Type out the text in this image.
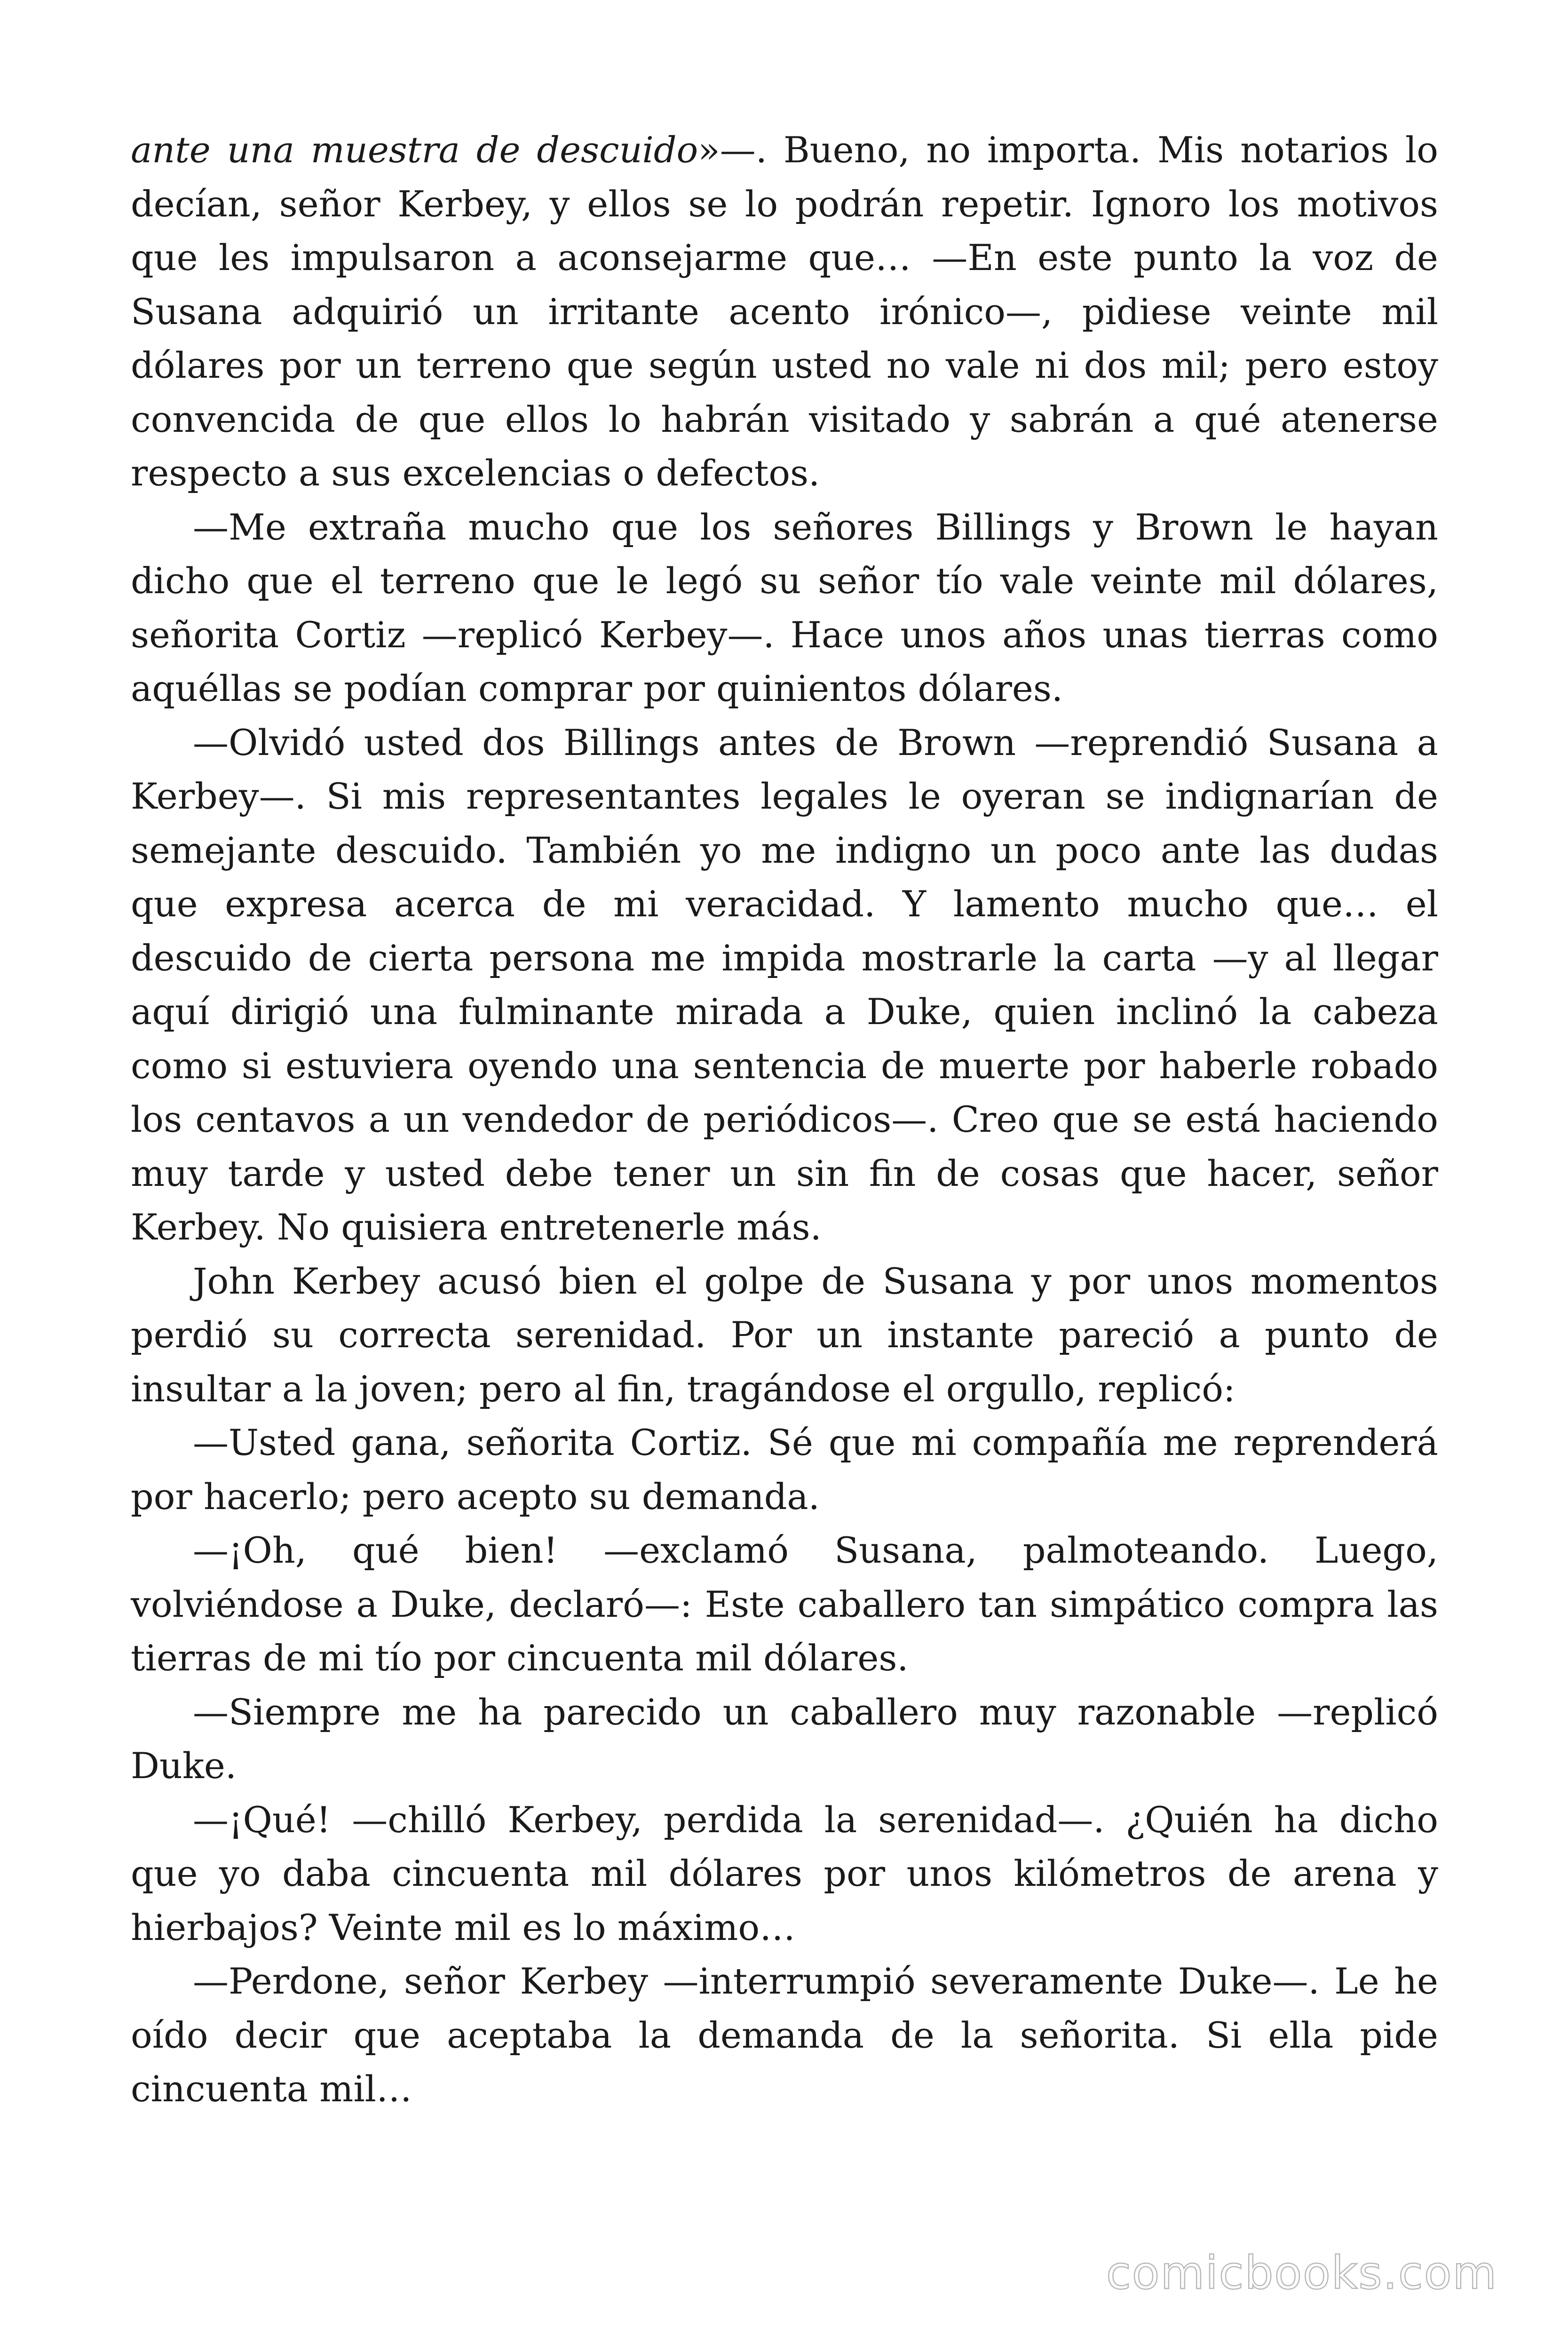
ante una muestra de descuido»—. Bueno, no importa. Mis notarios lo decían, señor Kerbey, y ellos se lo podrán repetir. Ignoro los motivos que les impulsaron a aconsejarme que… —En este punto la voz de Susana adquirió un irritante acento irónico—, pidiese veinte mil dólares por un terreno que según usted no vale ni dos mil; pero estoy convencida de que ellos lo habrán visitado y sabrán a qué atenerse respecto a sus excelencias o defectos.

—Me extraña mucho que los señores Billings y Brown le hayan dicho que el terreno que le legó su señor tío vale veinte mil dólares, señorita Cortiz —replicó Kerbey—. Hace unos años unas tierras como aquéllas se podían comprar por quinientos dólares.

—Olvidó usted dos Billings antes de Brown —reprendió Susana a Kerbey—. Si mis representantes legales le oyeran se indignarían de semejante descuido. También yo me indigno un poco ante las dudas que expresa acerca de mi veracidad. Y lamento mucho que… el descuido de cierta persona me impida mostrarle la carta —y al llegar aquí dirigió una fulminante mirada a Duke, quien inclinó la cabeza como si estuviera oyendo una sentencia de muerte por haberle robado los centavos a un vendedor de periódicos—. Creo que se está haciendo muy tarde y usted debe tener un sin fin de cosas que hacer, señor Kerbey. No quisiera entretenerle más.

John Kerbey acusó bien el golpe de Susana y por unos momentos perdió su correcta serenidad. Por un instante pareció a punto de insultar a la joven; pero al fin, tragándose el orgullo, replicó:

—Usted gana, señorita Cortiz. Sé que mi compañía me reprenderá por hacerlo; pero acepto su demanda.

—¡Oh, qué bien! —exclamó Susana, palmoteando. Luego, volviéndose a Duke, declaró—: Este caballero tan simpático compra las tierras de mi tío por cincuenta mil dólares.

—Siempre me ha parecido un caballero muy razonable —replicó Duke.

—¡Qué! —chilló Kerbey, perdida la serenidad—. ¿Quién ha dicho que yo daba cincuenta mil dólares por unos kilómetros de arena y hierbajos? Veinte mil es lo máximo…

—Perdone, señor Kerbey —interrumpió severamente Duke—. Le he oído decir que aceptaba la demanda de la señorita. Si ella pide cincuenta mil…

comicbooks.com
